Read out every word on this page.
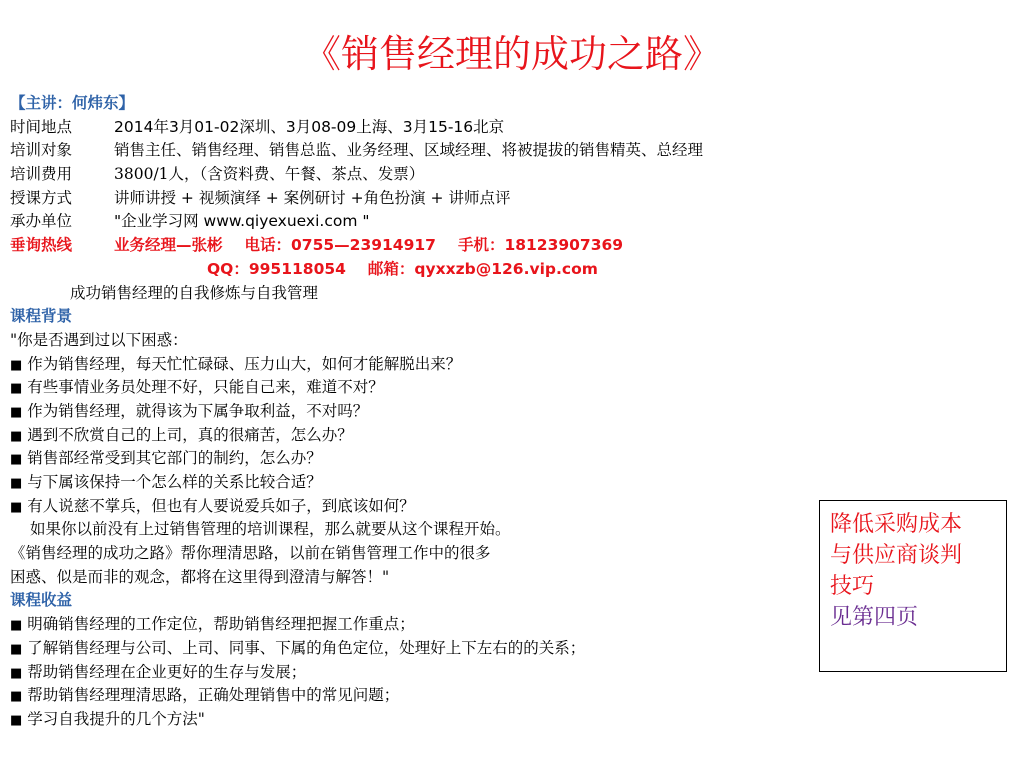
《销售经理的成功之路》
【主讲：何炜东】
时间地点	2014年3月01-02深圳、3月08-09上海、3月15-16北京
培训对象	销售主任、销售经理、销售总监、业务经理、区域经理、将被提拔的销售精英、总经理
培训费用	3800/1人，（含资料费、午餐、茶点、发票）
授课方式	讲师讲授 + 视频演绎 + 案例研讨 +角色扮演 + 讲师点评
承办单位	"企业学习网 www.qiyexuexi.com "
垂询热线	业务经理—张彬 电话：0755—23914917 手机：18123907369
QQ：995118054 邮箱：qyxxzb@126.vip.com
成功销售经理的自我修炼与自我管理
课程背景
"你是否遇到过以下困惑：
■ 作为销售经理，每天忙忙碌碌、压力山大，如何才能解脱出来？
■ 有些事情业务员处理不好，只能自己来，难道不对？
■ 作为销售经理，就得该为下属争取利益，不对吗？
■ 遇到不欣赏自己的上司，真的很痛苦，怎么办？
■ 销售部经常受到其它部门的制约，怎么办？
■ 与下属该保持一个怎么样的关系比较合适？
■ 有人说慈不掌兵，但也有人要说爱兵如子，到底该如何？
如果你以前没有上过销售管理的培训课程，那么就要从这个课程开始。
《销售经理的成功之路》帮你理清思路，以前在销售管理工作中的很多
困惑、似是而非的观念，都将在这里得到澄清与解答！"
课程收益
■ 明确销售经理的工作定位，帮助销售经理把握工作重点；
■ 了解销售经理与公司、上司、同事、下属的角色定位，处理好上下左右的的关系；
■ 帮助销售经理在企业更好的生存与发展；
■ 帮助销售经理理清思路，正确处理销售中的常见问题；
■ 学习自我提升的几个方法"
降低采购成本
与供应商谈判
技巧
见第四页
